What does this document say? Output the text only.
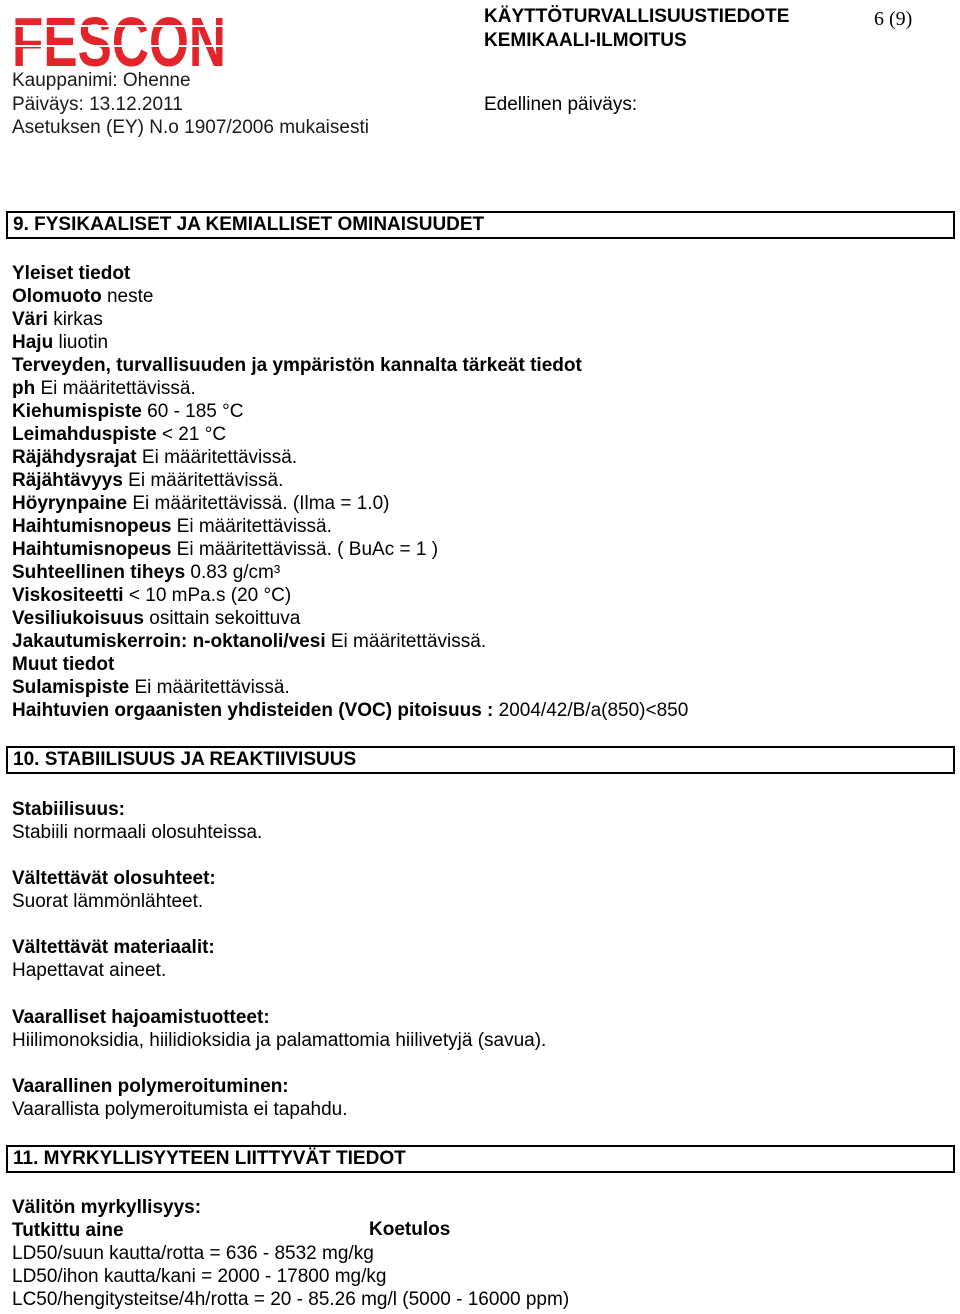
FESCON	KÄYTTÖTURVALLISUUSTIEDOTE
KEMIKAALI-ILMOITUS
6 (9)
Kauppanimi: Ohenne
Päiväys: 13.12.2011
Asetuksen (EY) N.o 1907/2006 mukaisesti
Edellinen päiväys:
9. FYSIKAALISET JA KEMIALLISET OMINAISUUDET
Yleiset tiedot
Olomuoto neste
Väri kirkas
Haju liuotin
Terveyden, turvallisuuden ja ympäristön kannalta tärkeät tiedot
ph Ei määritettävissä.
Kiehumispiste 60 - 185 °C
Leimahduspiste < 21 °C
Räjähdysrajat Ei määritettävissä.
Räjähtävyys Ei määritettävissä.
Höyrynpaine Ei määritettävissä. (Ilma = 1.0)
Haihtumisnopeus Ei määritettävissä.
Haihtumisnopeus Ei määritettävissä. ( BuAc = 1 )
Suhteellinen tiheys 0.83 g/cm³
Viskositeetti < 10 mPa.s (20 °C)
Vesiliukoisuus osittain sekoittuva
Jakautumiskerroin: n-oktanoli/vesi Ei määritettävissä.
Muut tiedot
Sulamispiste Ei määritettävissä.
Haihtuvien orgaanisten yhdisteiden (VOC) pitoisuus : 2004/42/B/a(850)<850
10. STABIILISUUS JA REAKTIIVISUUS
Stabiilisuus:
Stabiili normaali olosuhteissa.
Vältettävät olosuhteet:
Suorat lämmönlähteet.
Vältettävät materiaalit:
Hapettavat aineet.
Vaaralliset hajoamistuotteet:
Hiilimonoksidia, hiilidioksidia ja palamattomia hiilivetyjä (savua).
Vaarallinen polymeroituminen:
Vaarallista polymeroitumista ei tapahdu.
11. MYRKYLLISYYTEEN LIITTYVÄT TIEDOT
Välitön myrkyllisyys:
Tutkittu aine	Koetulos
LD50/suun kautta/rotta = 636 - 8532 mg/kg
LD50/ihon kautta/kani = 2000 - 17800 mg/kg
LC50/hengitysteitse/4h/rotta = 20 - 85.26 mg/l (5000 - 16000 ppm)
